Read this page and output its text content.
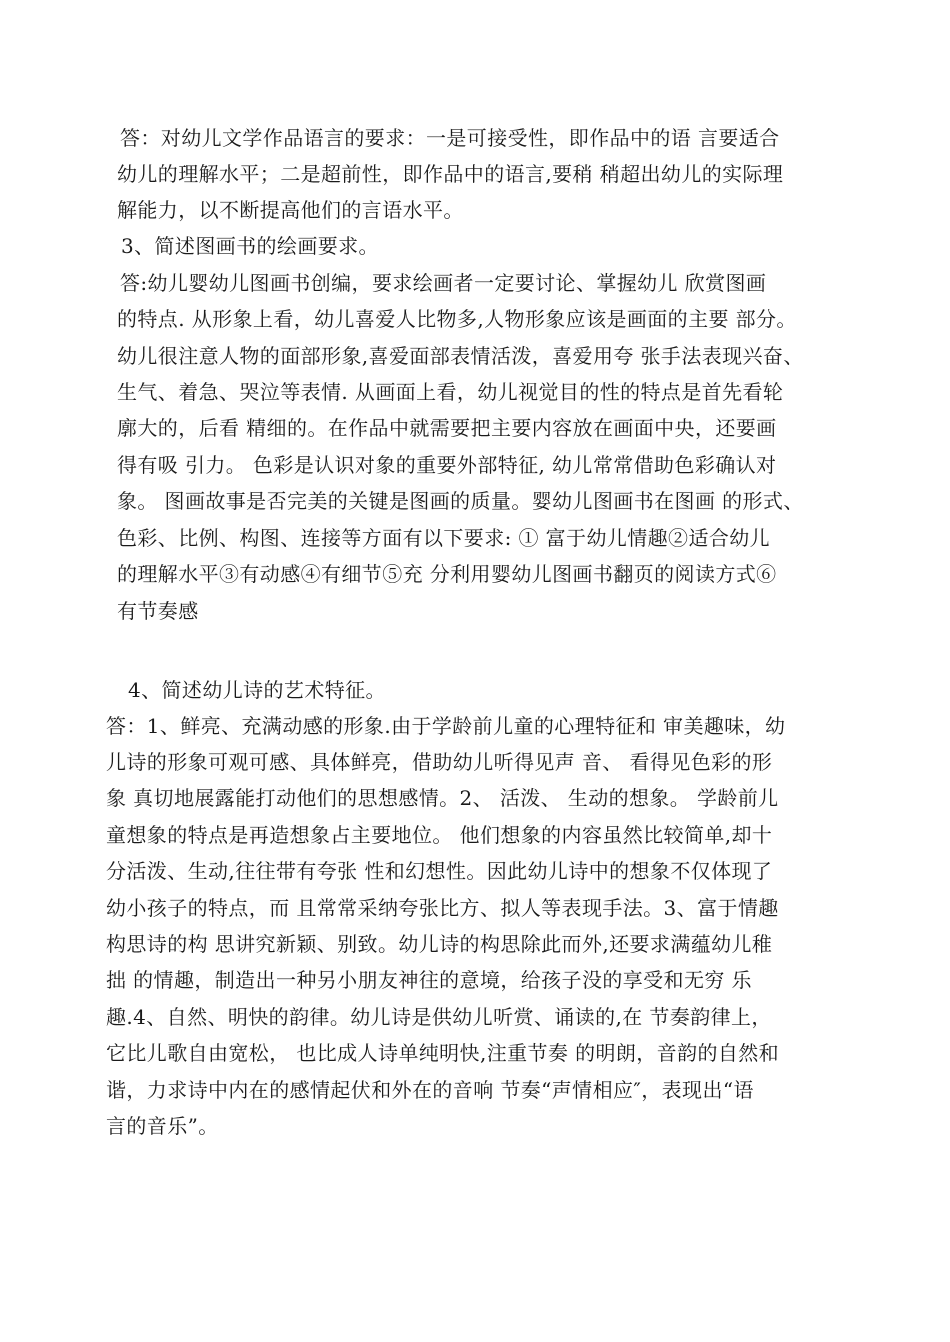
答：对幼儿文学作品语言的要求：一是可接受性，即作品中的语 言要适合
幼儿的理解水平；二是超前性，即作品中的语言,要稍 稍超出幼儿的实际理
解能力，以不断提高他们的言语水平。
3、简述图画书的绘画要求。
答:幼儿婴幼儿图画书创编，要求绘画者一定要讨论、掌握幼儿 欣赏图画
的特点. 从形象上看，幼儿喜爱人比物多,人物形象应该是画面的主要 部分。
幼儿很注意人物的面部形象,喜爱面部表情活泼，喜爱用夸 张手法表现兴奋、
生气、着急、哭泣等表情. 从画面上看，幼儿视觉目的性的特点是首先看轮
廓大的，后看 精细的。在作品中就需要把主要内容放在画面中央，还要画
得有吸 引力。 色彩是认识对象的重要外部特征, 幼儿常常借助色彩确认对
象。 图画故事是否完美的关键是图画的质量。婴幼儿图画书在图画 的形式、
色彩、比例、构图、连接等方面有以下要求: ① 富于幼儿情趣②适合幼儿
的理解水平③有动感④有细节⑤充 分利用婴幼儿图画书翻页的阅读方式⑥
有节奏感
4、简述幼儿诗的艺术特征。
答：1、鲜亮、充满动感的形象.由于学龄前儿童的心理特征和 审美趣味，幼
儿诗的形象可观可感、具体鲜亮，借助幼儿听得见声 音、 看得见色彩的形
象 真切地展露能打动他们的思想感情。2、 活泼、 生动的想象。 学龄前儿
童想象的特点是再造想象占主要地位。 他们想象的内容虽然比较简单,却十
分活泼、生动,往往带有夸张 性和幻想性。因此幼儿诗中的想象不仅体现了
幼小孩子的特点，而 且常常采纳夸张比方、拟人等表现手法。3、富于情趣
构思诗的构 思讲究新颖、别致。幼儿诗的构思除此而外,还要求满蕴幼儿稚
拙 的情趣，制造出一种另小朋友神往的意境，给孩子没的享受和无穷 乐
趣.4、自然、明快的韵律。幼儿诗是供幼儿听赏、诵读的,在 节奏韵律上，
它比儿歌自由宽松， 也比成人诗单纯明快,注重节奏 的明朗，音韵的自然和
谐，力求诗中内在的感情起伏和外在的音响 节奏“声情相应″，表现出“语
言的音乐”。
